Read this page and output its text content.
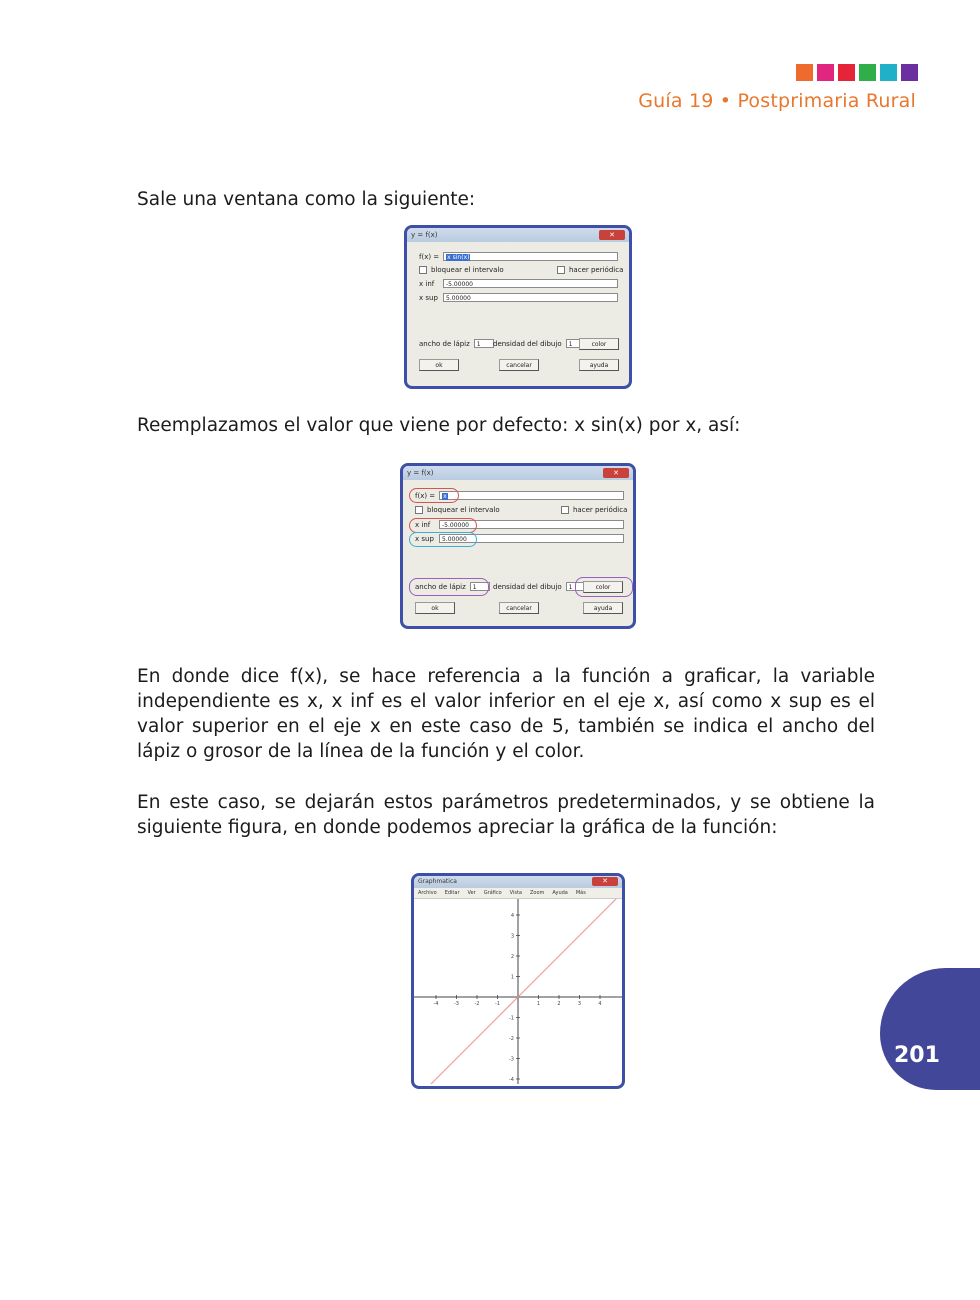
Guía 19 • Postprimaria Rural
Sale una ventana como la siguiente:
y = f(x)	✕
f(x) =	x sin(x)
bloquear el intervalo	hacer periódica
x inf	-5.00000
x sup	5.00000
ancho de lápiz	1	densidad del dibujo	1	color
ok	cancelar	ayuda
Reemplazamos el valor que viene por defecto: x sin(x) por x, así:
y = f(x)	✕
f(x) =	x
bloquear el intervalo	hacer periódica
x inf	-5.00000
x sup	5.00000
ancho de lápiz	1	densidad del dibujo	1	color
ok	cancelar	ayuda
En donde dice f(x), se hace referencia a la función a graficar, la variable independiente es x, x inf es el valor inferior en el eje x, así como x sup es el valor superior en el eje x en este caso de 5, también se indica el ancho del lápiz o grosor de la línea de la función y el color.
En este caso, se dejarán estos parámetros predeterminados, y se obtiene la siguiente figura, en donde podemos apreciar la gráfica de la función:
Graphmatica	✕
Archivo Editar Ver Gráfico Vista Zoom Ayuda Más
-4	-3	-2	-1	1	2	3	4
4
3
2
1
-1
-2
-3
-4
201
